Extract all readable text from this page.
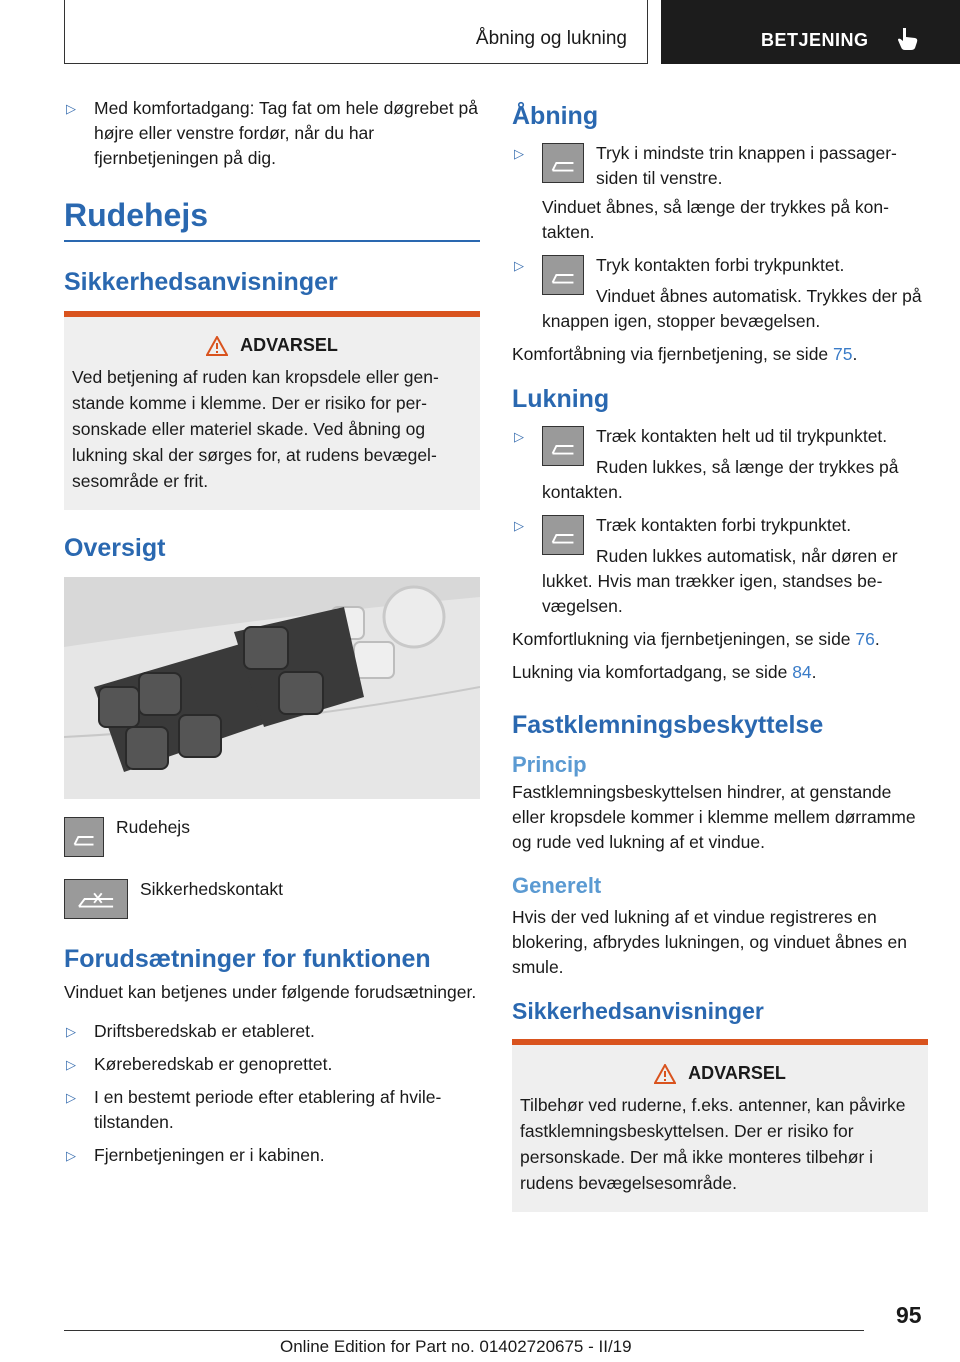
Åbning og lukning	BETJENING
▷ Med komfortadgang: Tag fat om hele døgrebet på højre eller venstre fordør, når du har fjernbetjeningen på dig.
Rudehejs
Sikkerhedsanvisninger
ADVARSEL
Ved betjening af ruden kan kropsdele eller genstande komme i klemme. Der er risiko for personskade eller materiel skade. Ved åbning og lukning skal der sørges for, at rudens bevægelsesområde er frit.
Oversigt
Rudehejs
Sikkerhedskontakt
Forudsætninger for funktionen

Vinduet kan betjenes under følgende forudsætninger.

▷ Driftsberedskab er etableret.
▷ Køreberedskab er genoprettet.
▷ I en bestemt periode efter etablering af hviletilstanden.
▷ Fjernbetjeningen er i kabinen.
Åbning
▷	Tryk i mindste trin knappen i passagersiden til venstre.
Vinduet åbnes, så længe der trykkes på kontakten.
▷	Tryk kontakten forbi trykpunktet.
Vinduet åbnes automatisk. Trykkes der på knappen igen, stopper bevægelsen.

Komfortåbning via fjernbetjening, se side 75.

Lukning
▷	Træk kontakten helt ud til trykpunktet.
Ruden lukkes, så længe der trykkes på kontakten.
▷	Træk kontakten forbi trykpunktet.
Ruden lukkes automatisk, når døren er lukket. Hvis man trækker igen, standses bevægelsen.

Komfortlukning via fjernbetjeningen, se side 76.

Lukning via komfortadgang, se side 84.

Fastklemningsbeskyttelse
Princip

Fastklemningsbeskyttelsen hindrer, at genstande eller kropsdele kommer i klemme mellem dørramme og rude ved lukning af et vindue.

Generelt

Hvis der ved lukning af et vindue registreres en blokering, afbrydes lukningen, og vinduet åbnes en smule.

Sikkerhedsanvisninger
ADVARSEL
Tilbehør ved ruderne, f.eks. antenner, kan påvirke fastklemningsbeskyttelsen. Der er risiko for personskade. Der må ikke monteres tilbehør i rudens bevægelsesområde.
95
Online Edition for Part no. 01402720675 - II/19
